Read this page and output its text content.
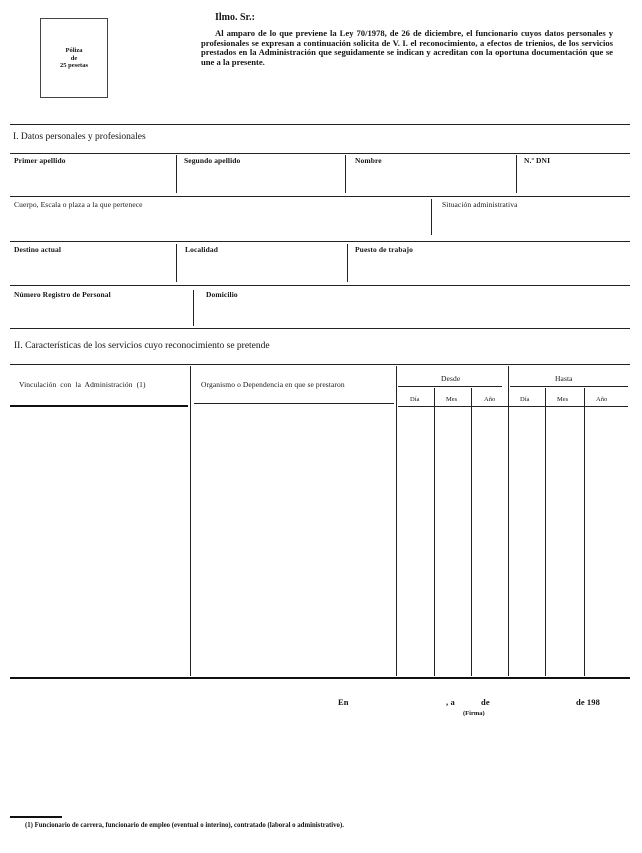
Póliza
de
25 pesetas
Ilmo. Sr.:
Al amparo de lo que previene la Ley 70/1978, de 26 de diciembre, el funcionario cuyos datos personales y profesionales se expresan a continuación solicita de V. I. el reconocimiento, a efectos de trienios, de los servicios prestados en la Administración que seguidamente se indican y acreditan con la oportuna documentación que se une a la presente.
I. Datos personales y profesionales
Primer apellido	Segundo apellido	Nombre	N.º DNI
Cuerpo, Escala o plaza a la que pertenece	Situación administrativa
Destino actual	Localidad	Puesto de trabajo
Número Registro de Personal	Domicilio
II. Características de los servicios cuyo reconocimiento se pretende
Vinculación con la Administración (1)	Organismo o Dependencia en que se prestaron
Desde	Hasta
Día	Mes	Año	Día	Mes	Año
En	, a	de	de 198
(Firma)
(1) Funcionario de carrera, funcionario de empleo (eventual o interino), contratado (laboral o administrativo).
